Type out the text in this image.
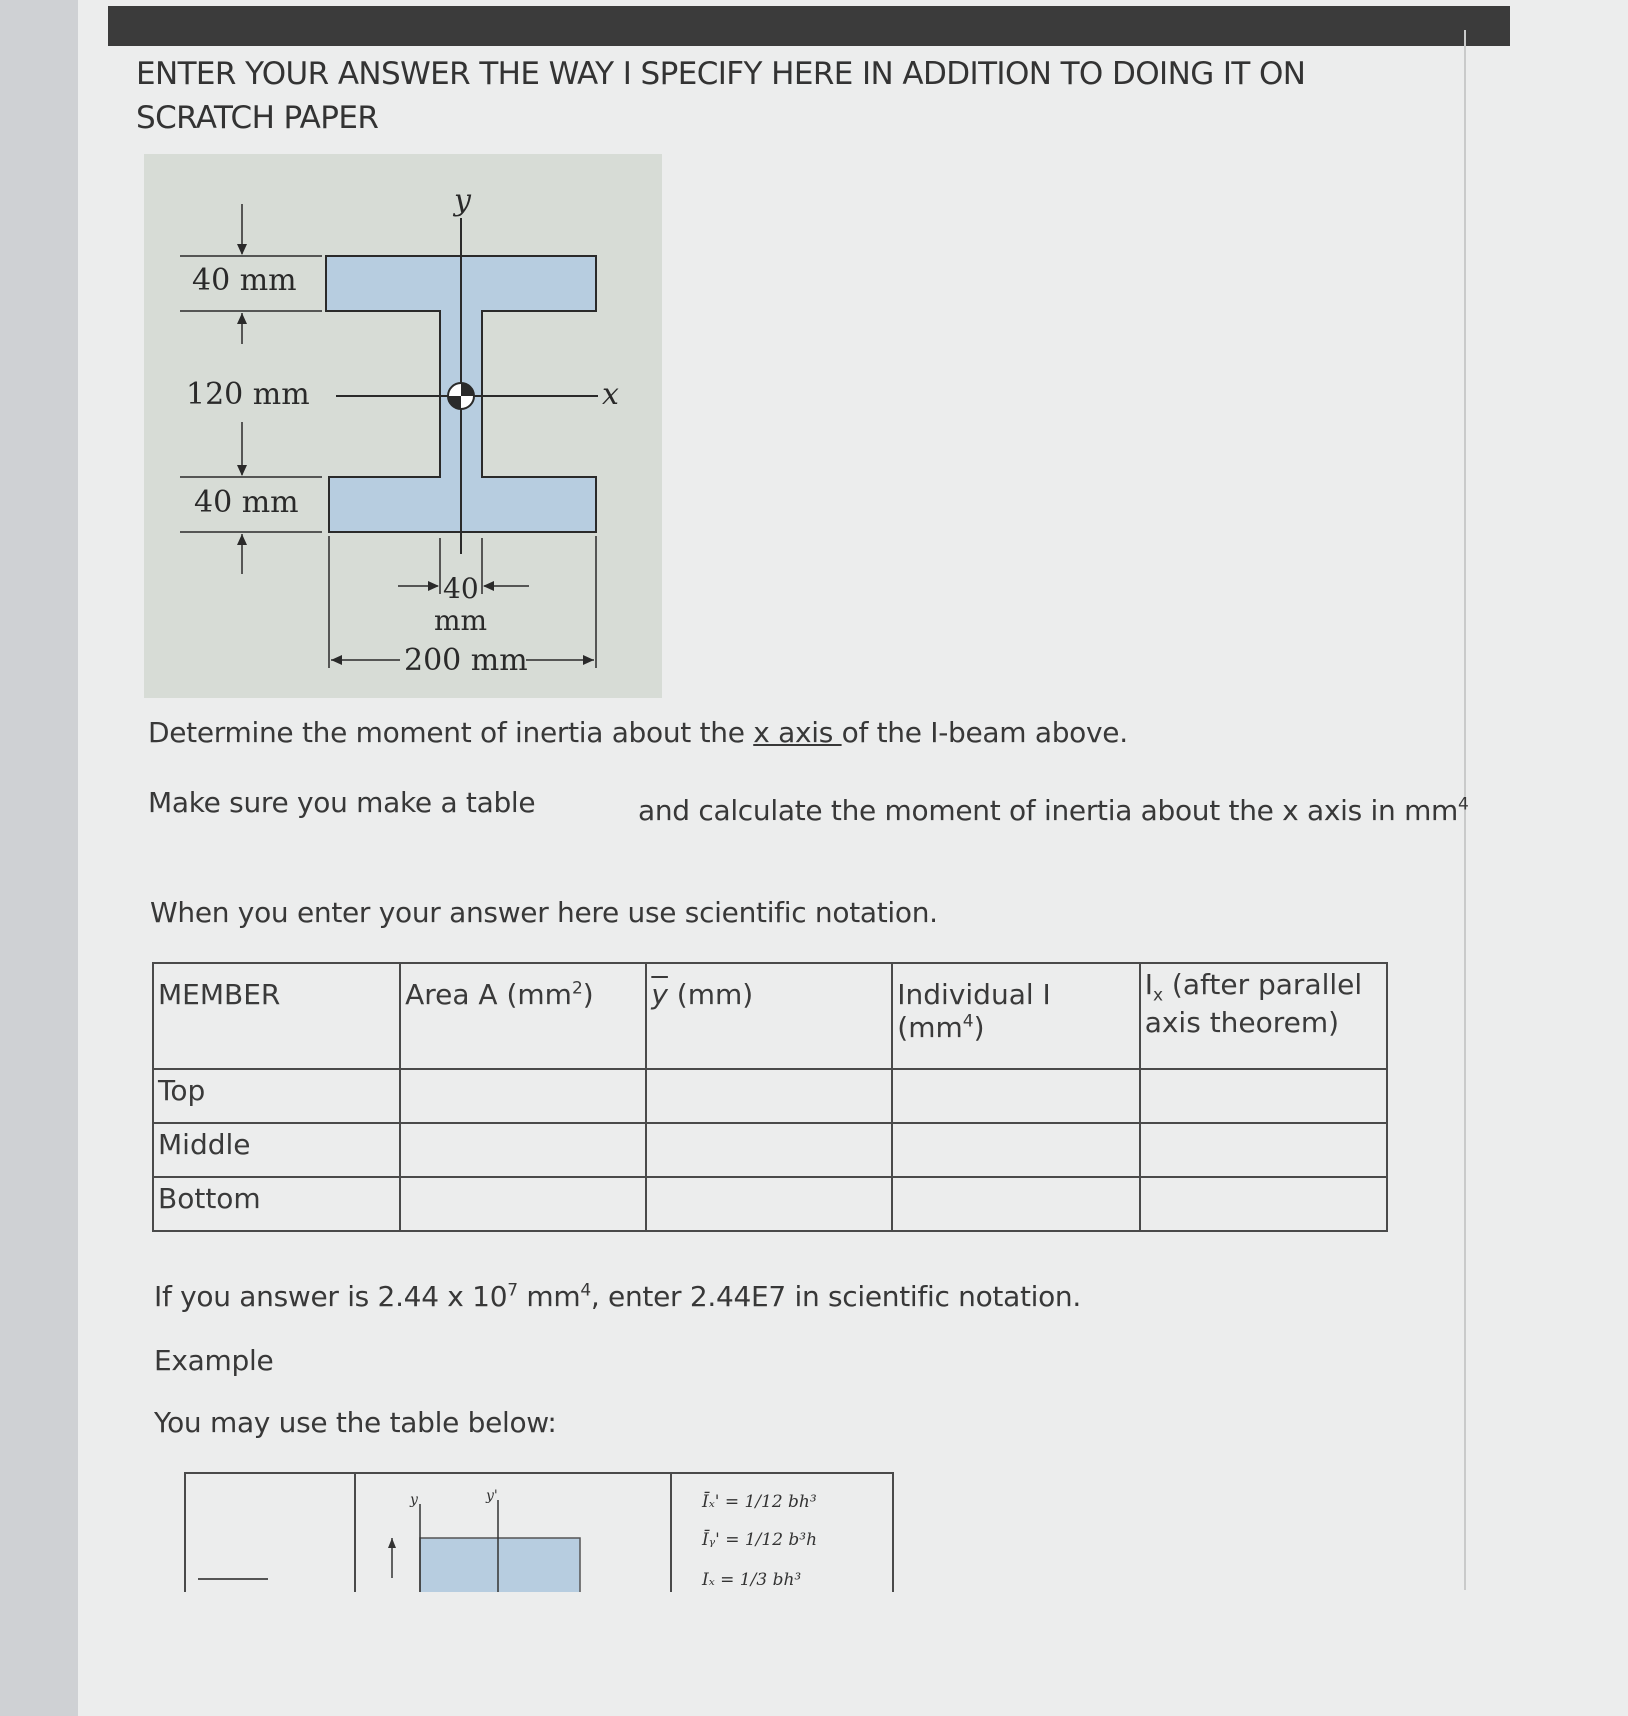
ENTER YOUR ANSWER THE WAY I SPECIFY HERE IN ADDITION TO DOING IT ON SCRATCH PAPER
y
x
40 mm
120 mm
40 mm
40
mm
200 mm

Determine the moment of inertia about the x axis of the I-beam above.

Make sure you make a table	and calculate the moment of inertia about the x axis in $mm^4$

When you enter your answer here use scientific notation.

MEMBER	Area A $(mm^2)$	$\overline{y}$ (mm)	Individual I $(mm^4)$	$I_x$ (after parallel axis theorem)
Top				
Middle				
Bottom				

If you answer is 2.44 x $10^7$ $mm^4$, enter 2.44E7 in scientific notation.

Example

You may use the table below:

y	y'	Īₓ' = 1/12 bh³
Īᵧ' = 1/12 b³h
Iₓ = 1/3 bh³
